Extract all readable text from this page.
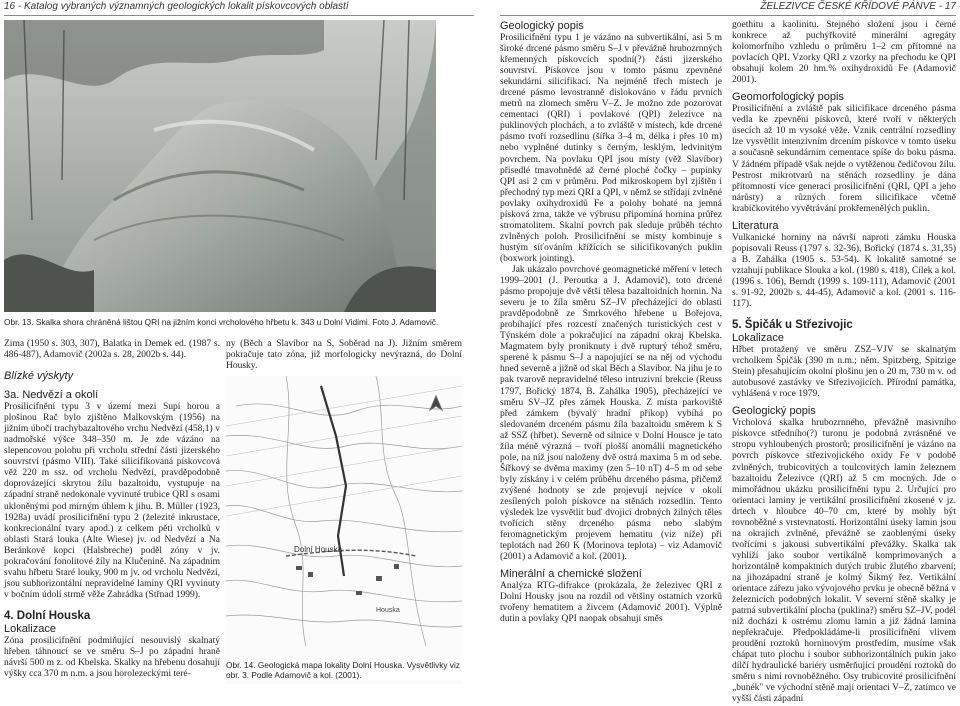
16 - Katalog vybraných významných geologických lokalit pískovcových oblastí	ŽELEZIVCE ČESKÉ KŘÍDOVÉ PÁNVE - 17
Obr. 13. Skalka shora chráněná lištou QRI na jižním konci vrcholového hřbetu k. 343 u Dolní Vidimi. Foto J. Adamovič.

Zima (1950 s. 303, 307), Balatka in Demek ed. (1987 s. 486-487), Adamovič (2002a s. 28, 2002b s. 44).

Blízké výskyty

3a. Nedvězí a okolí

Prosilicifnění typu 3 v území mezi Supí horou a plošinou Rač bylo zjištěno Malkovským (1956) na jižním úbočí trachybazaltového vrchu Nedvězí (458,1) v nadmořské výšce 348–350 m. Je zde vázáno na slepencovou polohu při vrcholu střední části jizerského souvrství (pásmo VIII). Také silicifikovaná pískovcová věž 220 m ssz. od vrcholu Nedvězí, pravděpodobně doprovázející skrytou žílu bazaltoidu, vystupuje na západní straně nedokonale vyvinuté trubice QRI s osami ukloněnými pod mírným úhlem k jihu. B. Müller (1923, 1928a) uvádí prosilicifnění typu 2 (železité inkrustace, konkrecionální tvary apod.) z celkem pěti vrcholků v oblasti Stará louka (Alte Wiese) jv. od Nedvězí a Na Beránkově kopci (Halsbreche) poděl zóny v jv. pokračování fonolitové žíly na Klučenině. Na západním svahu hřbetu Staré louky, 900 m jv. od vrcholu Nedvězí, jsou subhorizontální nepravidelné laminy QRI vyvinuty v bočním údolí strmě věže Zahrádka (Střnad 1999).

4. Dolní Houska

Lokalizace

Zóna prosilicifnění podmiňující nesouvislý skalnatý hřeben táhnoucí se ve směru S–J po západní hraně návrší 500 m z. od Kbelska. Skalky na hřebenu dosahují výšky cca 370 m n.m. a jsou horolezeckými teré-

ny (Běch a Slavíbor na S, Soběrad na J). Jižním směrem pokračuje tato zóna, již morfologicky nevýrazná, do Dolní Housky.

Dolní Houska
Houska
Obr. 14. Geologická mapa lokality Dolní Houska. Vysvětlivky viz obr. 3. Podle Adamovič a kol. (2001).

Geologický popis

Prosilicifnění typu 1 je vázáno na subvertikální, asi 5 m široké drcené pásmo směru S–J v převážně hrubozrnných křemenných pískovcích spodní(?) části jizerského souvrství. Pískovce jsou v tomto pásmu zpevněné sekundární silicifikací. Na nejméně třech místech je drcené pásmo levostranně dislokováno v řádu prvních metrů na zlomech směru V–Z. Je možno zde pozorovat cementaci (QRI) i povlakové (QPI) železivce na puklinových plochách, a to zvláště v místech, kde drcené pásmo tvoří rozsedlinu (šířka 3–4 m, délka i přes 10 m) nebo vyplněné dutinky s černým, lesklým, ledvinitým povrchem. Na povlaku QPI jsou místy (věž Slavíbor) přisedlé tmavohnědé až černé ploché čočky – pupínky QPI asi 2 cm v průměru. Pod mikroskopem byl zjištěn i přechodný typ mezi QRI a QPI, v němž se střídají zvlněné povlaky oxihydroxidů Fe a polohy bohaté na jemná písková zrna, takže ve výbrusu připomíná hornina průřez stromatolitem. Skalní povrch pak sleduje průběh téchto zvlněných poloh. Prosilicifnění se místy kombinuje s hustým síťováním křížících se silicifikovaných puklin (boxwork jointing).

Jak ukázalo povrchové geomagnetické měření v letech 1999–2001 (J. Peroutka a J. Adamovič), toto drcené pásmo propojuje dvě větší tělesa bazaltoidních hornin. Na severu je to žíla směru SZ–JV přecházející do oblasti pravděpodobně ze Smrkového hřebene u Bořejova, probíhající přes rozcestí značených turistických cest v Týnském dole a pokračující na západní okraj Kbelska. Magmatem byly proniknuty i dvě rupturý téhož směru, sperené k pásmu S–J a napojující se na něj od východu hned severně a jižně od skal Běch a Slavíbor. Na jihu je to pak tvarově nepravidelné těleso intruzivní brekcie (Reuss 1797, Bořický 1874, B. Zahálka 1905), přecházející ve směru SV–JZ přes zámek Houska. Z místa parkoviště před zámkem (bývalý hradní příkop) vybíhá po sledovaném drceném pásmu žíla bazaltoidu směrem k S až SSZ (hřbet). Severně od silnice v Dolní Housce je tato žíla méně výrazná – tvoří plošší anomálii magnetického pole, na níž jsou naloženy dvě ostrá maxima 5 m od sebe. Šířkový se dvěma maximy (zen 5–10 nT) 4–5 m od sebe byly získány i v celém průběhu drceného pásma, přičemž zvýšené hodnoty se zde projevují nejvíce v okolí zesílených poloh pískovce na stěnách rozsedlin. Tento výsledek lze vysvětlit buď dvojicí drobných žilných těles tvořících stěny drceného pásma nebo slabým feromagnetickým projevem hematitu (viz níže) při teplotách nad 260 K (Morinova teplota) – viz Adamovič (2001) a Adamovič a kol. (2001).

Minerální a chemické složení

Analýza RTG-difrakce (prokázala, že železivec QRI z Dolní Housky jsou na rozdíl od většiny ostatních vzorků tvořeny hematitem a živcem (Adamovič 2001). Výplně dutin a povlaky QPI naopak obsahují směs

goethitu a kaolinitu. Stejného složení jsou i černé konkrece až puchýřkovité minerální agregáty kolomorfního vzhledu o průměru 1–2 cm přítomné na povlacích QPI. Vzorky QRI z vzorky na přechodu ke QPI obsahují kolem 20 hm.% oxihydroxidů Fe (Adamovič 2001).

Geomorfologický popis

Prosilicifnění a zvláště pak silicifikace drceného pásma vedla ke zpevnění pískovců, které tvoří v některých úsecích až 10 m vysoké věže. Vznik centrální rozsedliny lze vysvětlit intenzivním drcením pískovce v tomto úseku a současně sekundárním cementace spíše do boku pásma. V žádném případě však nejde o vytěženou čedičovou žílu. Pestrost mikrotvarů na stěnách rozsedliny je dána přítomností více generací prosilicifnění (QRI, QPI a jeho nárůsty) a různých forem silicifikace včetně krabičkovitého vyvětrávání prokřemenělých puklin.

Literatura

Vulkanické horniny na návrší naproti zámku Houska popisovali Reuss (1797 s. 32-36), Bořický (1874 s. 31,35) a B. Zahálka (1905 s. 53-54). K lokalitě samotné se vztahují publikace Slouka a kol. (1980 s. 418), Cílek a kol. (1996 s. 106), Berndt (1999 s. 109-111), Adamovič (2001 s. 91-92, 2002b s. 44-45), Adamovič a kol. (2001 s. 116-117).

5. Špičák u Střezivojic

Lokalizace

Hřbet protažený ve směru ZSZ–VJV se skalnatým vrcholkem Špičák (390 m n.m.; něm. Spitzberg, Spitzige Stein) přesahujícím okolní plošinu jen o 20 m, 730 m v. od autobusové zastávky ve Střezivojicích. Přírodní památka, vyhlášená v roce 1979.

Geologický popis

Vrcholová skalka hrubozrnného, převážně masivního pískovce středního(?) turonu je podobná zvrásněné ve stropu vyhloubených prostorů; prosilicifnění je vázáno na povrch pískovce střezivojického oxidy Fe v podobě zvlněných, trubicovitých a toulcovitých lamin železnem bazaltoidu Železivce (QRI) až 5 cm mocných. Jde o mimořádnou ukázku prosilicifnění typu 2. Určující pro orientaci laminy je vertikální prosilicifnění zkosené v jz. drtech v hloubce 40–70 cm, které by mohly být rovnoběžné s vrstevnatostí. Horizontální úseky lamin jsou na okrajích zvlněné, převážně se zaoblenými úseky tvořícími s jakousi subvertikální převážky. Skalka tak vyhlíží jako soubor vertikálně komprimovaných a horizontálně kompaktních dutých trubic žlutého zbarvení; na jihozápadní straně je kolmý Šikmý řez. Vertikální orientace zářezu jako vývojového prvku je obecně běžná v železnicích podobných lokalit. V severní stěně skalky je patrná subvertikální plocha (puklina?) směru SZ–JV, podél níž dochází k ostrému zlomu lamin a již žádná lamina nepřekračuje. Předpokládáme-li prosilicifnění vlivem proudění roztoků horninovým prostředím, musíme však chápat tuto plochu i soubor subhorizontálních pukin jako dílčí hydraulické bariéry usměrňující proudění roztoků do směru s nimi rovnoběžného. Osy trubicovité prosilicifnění „bunék" ve východní stěně mají orientaci V–Z, zatímco ve vyšší části západní
